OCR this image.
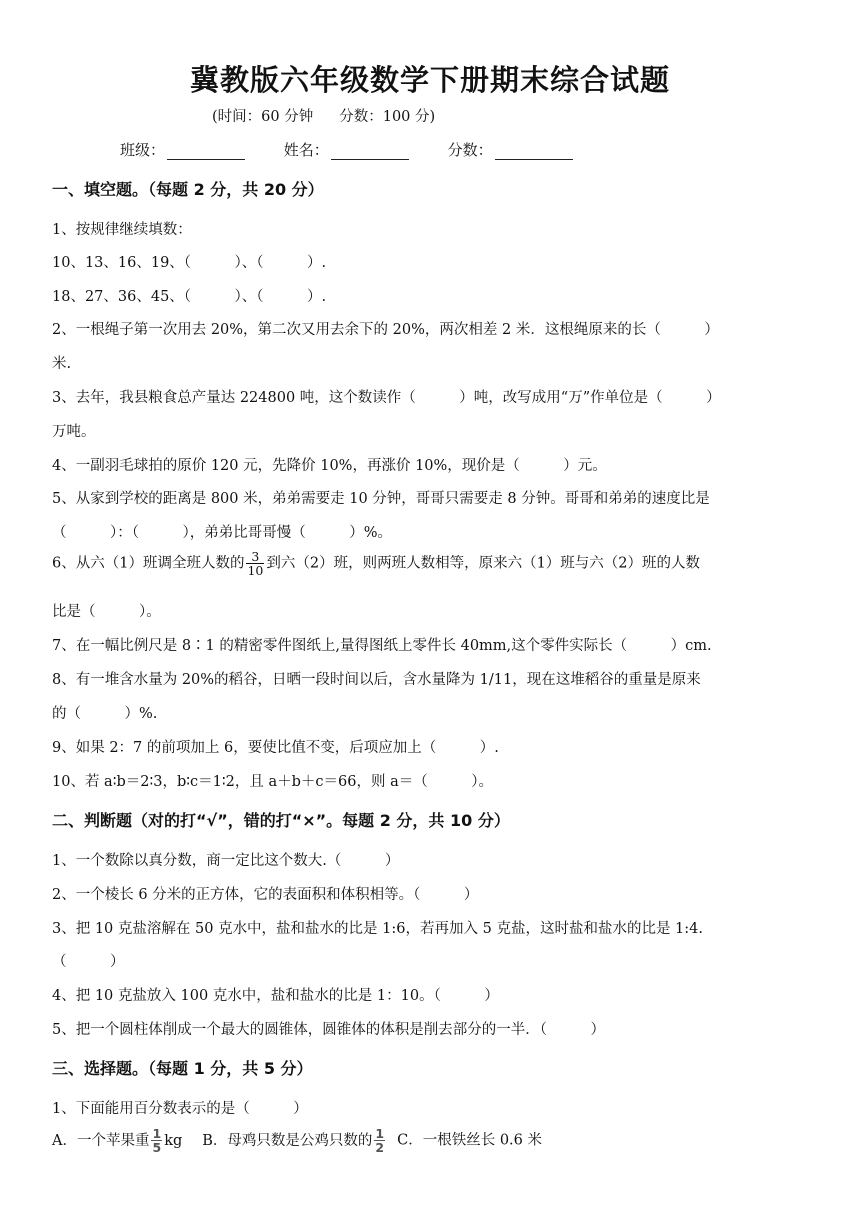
冀教版六年级数学下册期末综合试题
(时间：60 分钟 分数：100 分)
班级：	姓名：	分数：
一、填空题。（每题 2 分，共 20 分）
1、按规律继续填数：
10、13、16、19、（　　　）、（　　　）.
18、27、36、45、（　　　）、（　　　）.
2、一根绳子第一次用去 20%，第二次又用去余下的 20%，两次相差 2 米．这根绳原来的长（　　　）
米.
3、去年，我县粮食总产量达 224800 吨，这个数读作（　　　）吨，改写成用“万”作单位是（　　　）
万吨。
4、一副羽毛球拍的原价 120 元，先降价 10%，再涨价 10%，现价是（　　　）元。
5、从家到学校的距离是 800 米，弟弟需要走 10 分钟，哥哥只需要走 8 分钟。哥哥和弟弟的速度比是
（　　　）：（　　　），弟弟比哥哥慢（　　　）%。
6、从六（1）班调全班人数的 $\frac{3}{10}$ 到六（2）班，则两班人数相等，原来六（1）班与六（2）班的人数
比是（　　　）。
7、在一幅比例尺是 8∶1 的精密零件图纸上,量得图纸上零件长 40mm,这个零件实际长（　　　）cm.
8、有一堆含水量为 20%的稻谷，日晒一段时间以后，含水量降为 1/11，现在这堆稻谷的重量是原来
的（　　　）%.
9、如果 2：7 的前项加上 6，要使比值不变，后项应加上（　　　）.
10、若 a∶b＝2∶3，b∶c＝1∶2，且 a＋b＋c＝66，则 a＝（　　　）。
二、判断题（对的打“√”，错的打“×”。每题 2 分，共 10 分）
1、一个数除以真分数，商一定比这个数大.（　　　）
2、一个棱长 6 分米的正方体，它的表面积和体积相等。（　　　）
3、把 10 克盐溶解在 50 克水中，盐和盐水的比是 1:6，若再加入 5 克盐，这时盐和盐水的比是 1:4.
（　　　）
4、把 10 克盐放入 100 克水中，盐和盐水的比是 1：10。（　　　）
5、把一个圆柱体削成一个最大的圆锥体，圆锥体的体积是削去部分的一半．（　　　）
三、选择题。（每题 1 分，共 5 分）
1、下面能用百分数表示的是（　　　）
A．一个苹果重 $\frac{1}{5}$ kg B．母鸡只数是公鸡只数的 $\frac{1}{2}$ C．一根铁丝长 0.6 米
